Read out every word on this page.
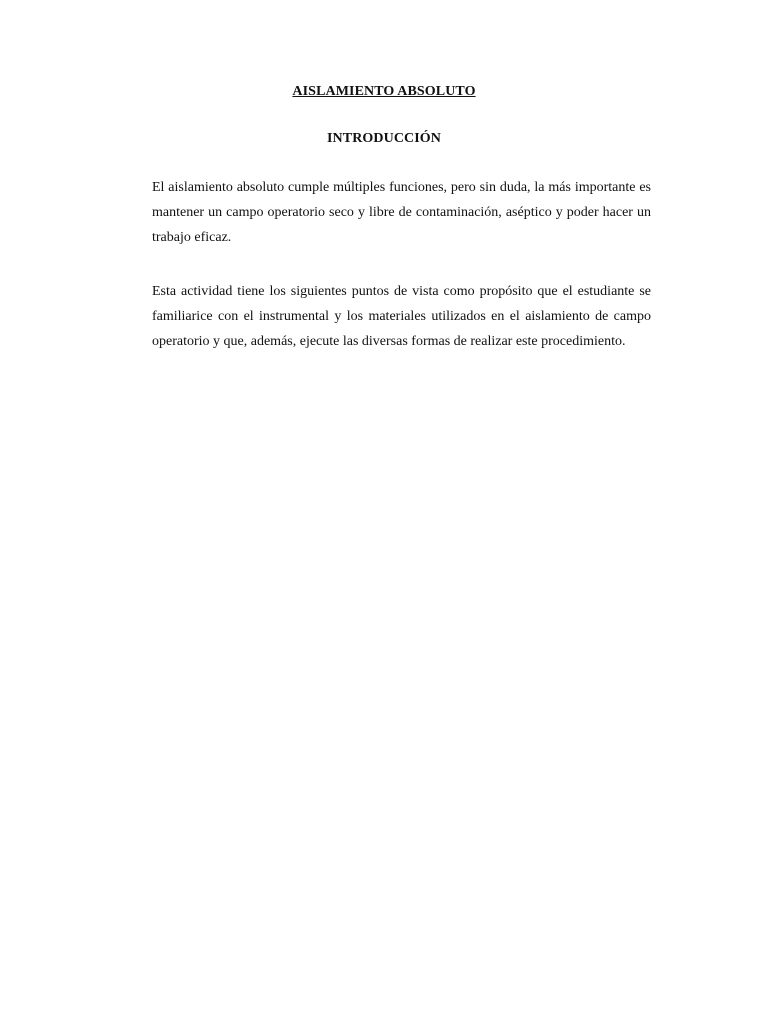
AISLAMIENTO ABSOLUTO
INTRODUCCIÓN

El aislamiento absoluto cumple múltiples funciones, pero sin duda, la más importante es mantener un campo operatorio seco y libre de contaminación, aséptico y poder hacer un trabajo eficaz.

Esta actividad tiene los siguientes puntos de vista como propósito que el estudiante se familiarice con el instrumental y los materiales utilizados en el aislamiento de campo operatorio y que, además, ejecute las diversas formas de realizar este procedimiento.
